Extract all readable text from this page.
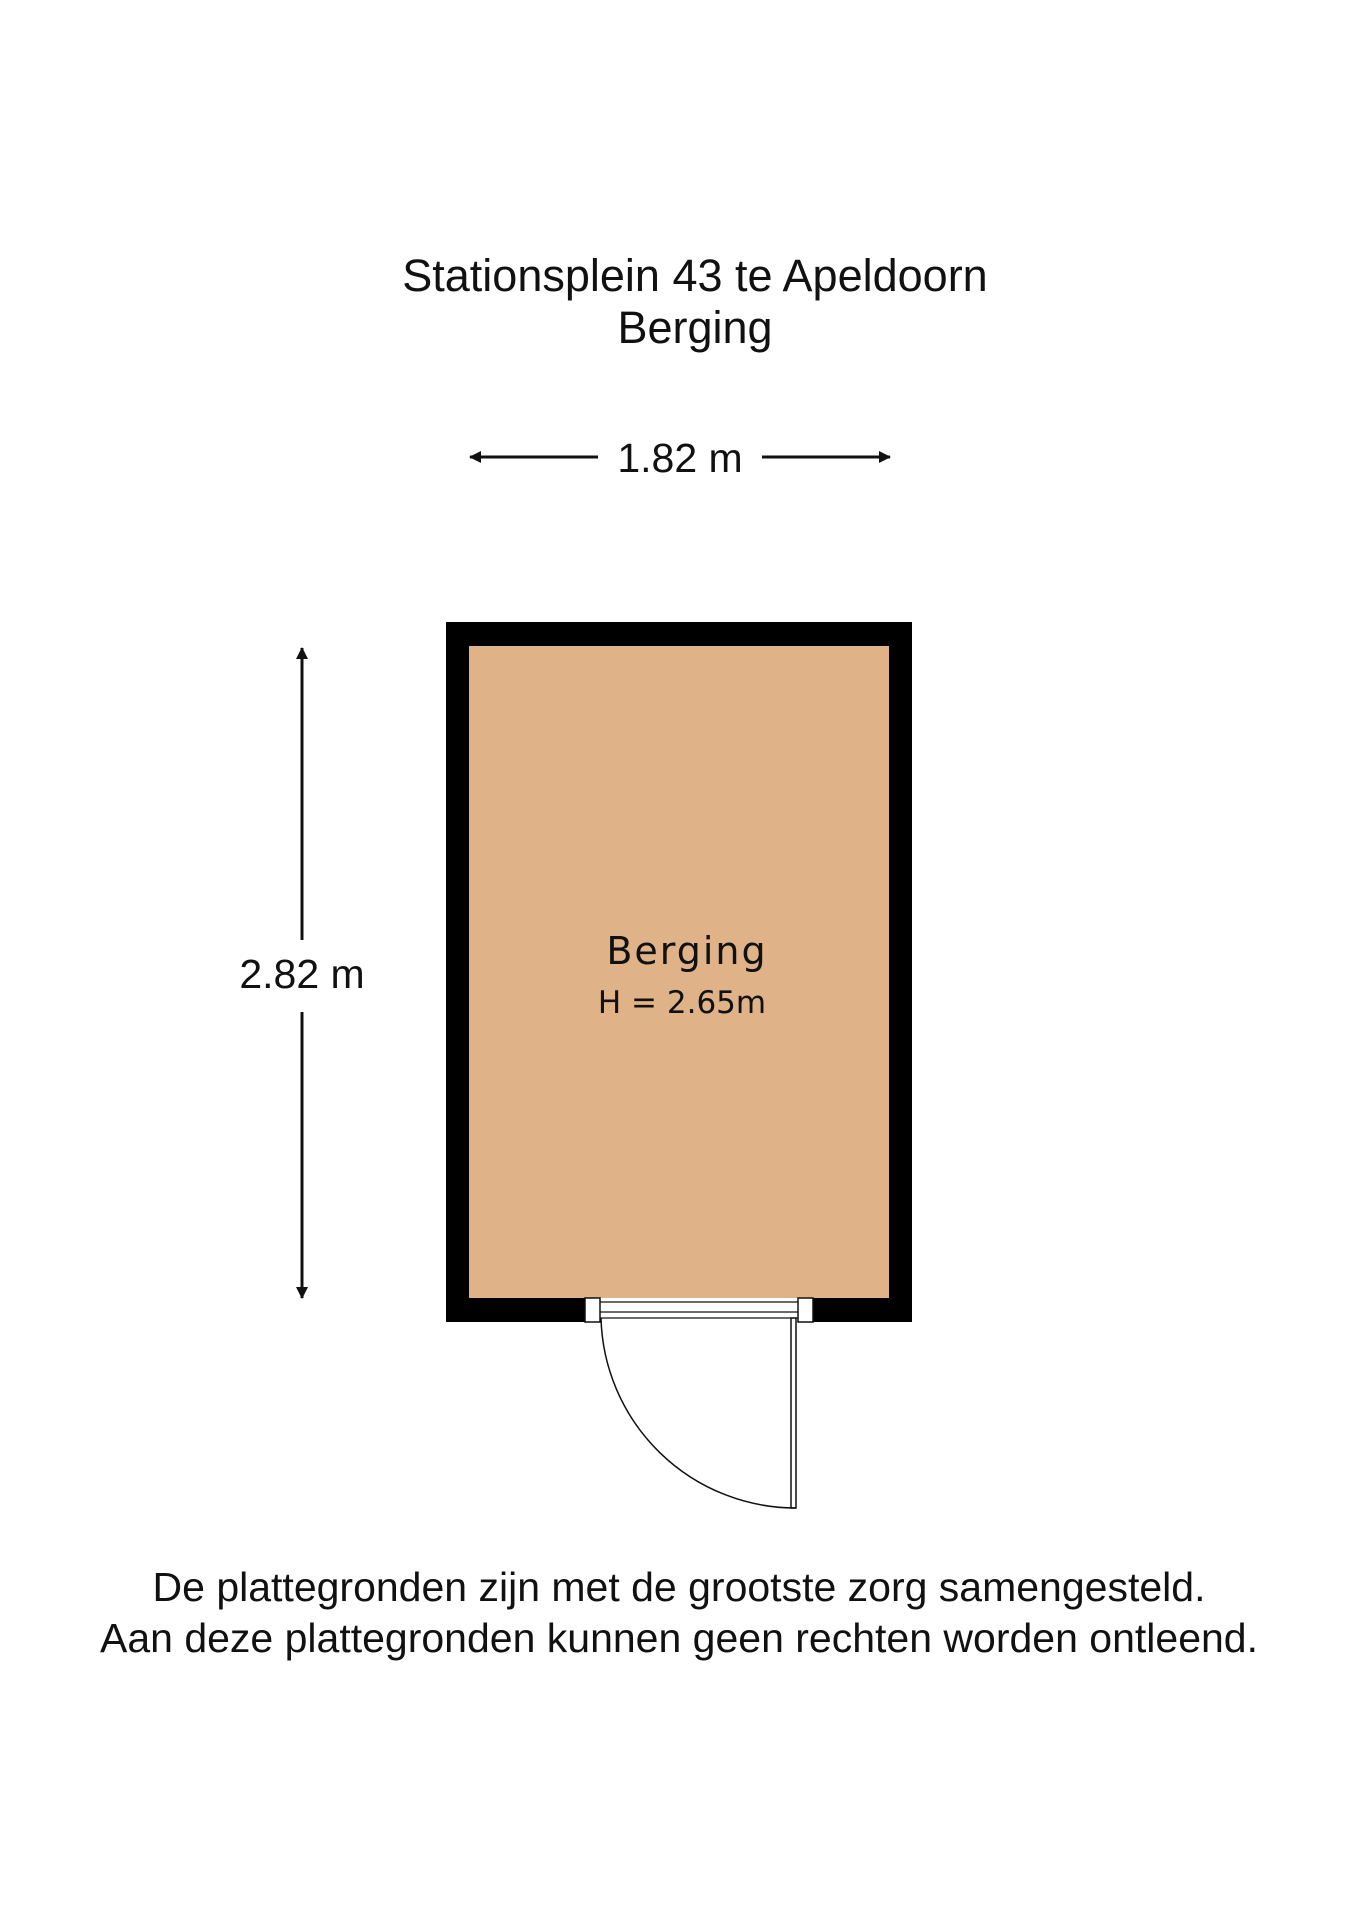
Stationsplein 43 te Apeldoorn
Berging
1.82 m
2.82 m	Berging
H = 2.65m
De plattegronden zijn met de grootste zorg samengesteld.
Aan deze plattegronden kunnen geen rechten worden ontleend.
